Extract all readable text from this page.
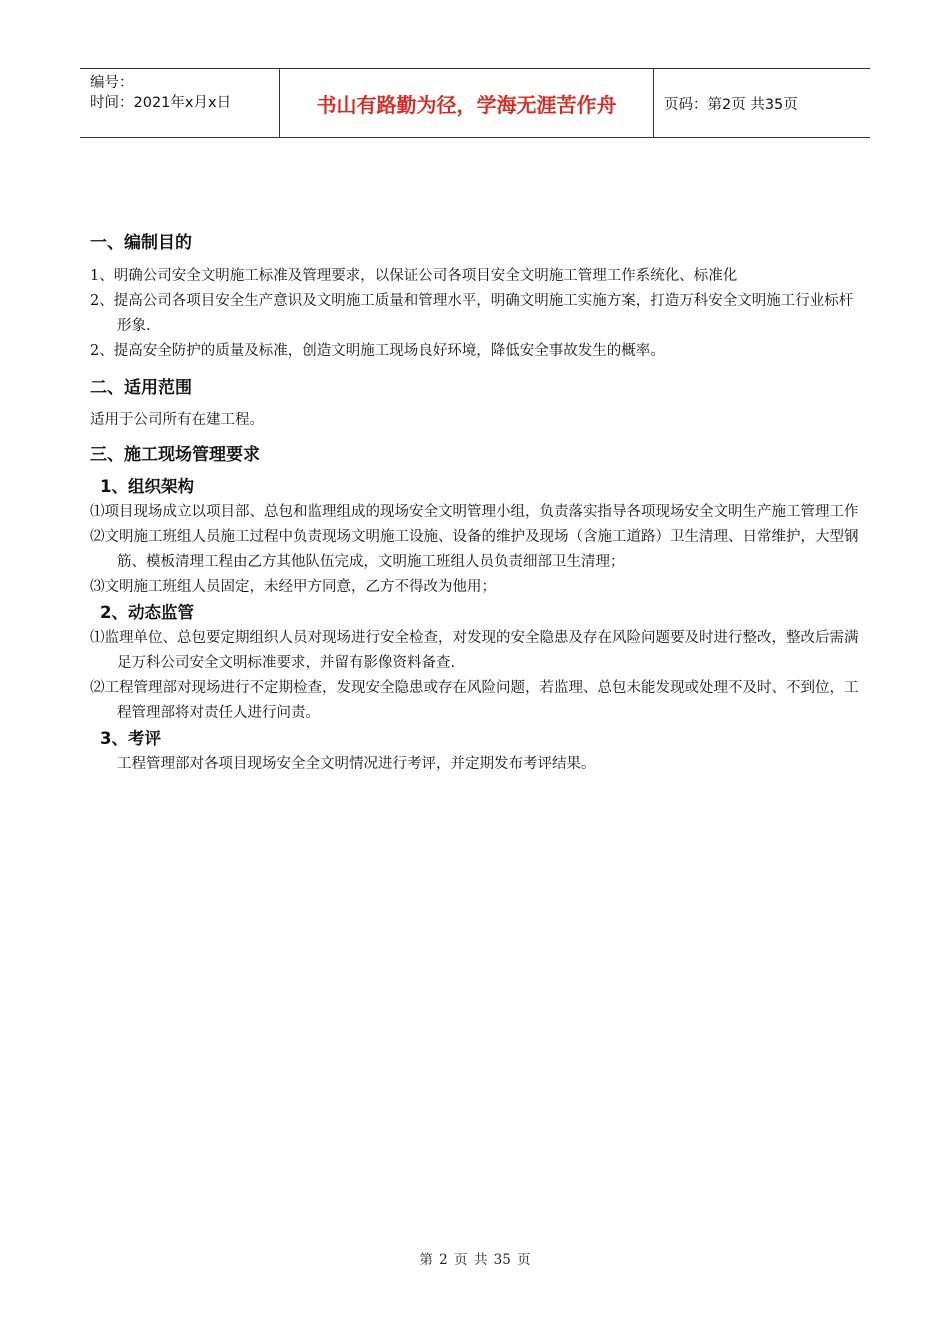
编号：
时间：2021年x月x日	书山有路勤为径，学海无涯苦作舟	页码：第2页 共35页

一、编制目的

1、明确公司安全文明施工标准及管理要求，以保证公司各项目安全文明施工管理工作系统化、标准化

2、提高公司各项目安全生产意识及文明施工质量和管理水平，明确文明施工实施方案，打造万科安全文明施工行业标杆形象.

2、提高安全防护的质量及标准，创造文明施工现场良好环境，降低安全事故发生的概率。

二、适用范围

适用于公司所有在建工程。

三、施工现场管理要求

1、组织架构

⑴项目现场成立以项目部、总包和监理组成的现场安全文明管理小组，负责落实指导各项现场安全文明生产施工管理工作

⑵文明施工班组人员施工过程中负责现场文明施工设施、设备的维护及现场（含施工道路）卫生清理、日常维护，大型钢筋、模板清理工程由乙方其他队伍完成，文明施工班组人员负责细部卫生清理；

⑶文明施工班组人员固定，未经甲方同意，乙方不得改为他用；

2、动态监管

⑴监理单位、总包要定期组织人员对现场进行安全检查，对发现的安全隐患及存在风险问题要及时进行整改，整改后需满足万科公司安全文明标准要求，并留有影像资料备查.

⑵工程管理部对现场进行不定期检查，发现安全隐患或存在风险问题，若监理、总包未能发现或处理不及时、不到位，工程管理部将对责任人进行问责。

3、考评

工程管理部对各项目现场安全全文明情况进行考评，并定期发布考评结果。

第 2 页 共 35 页
